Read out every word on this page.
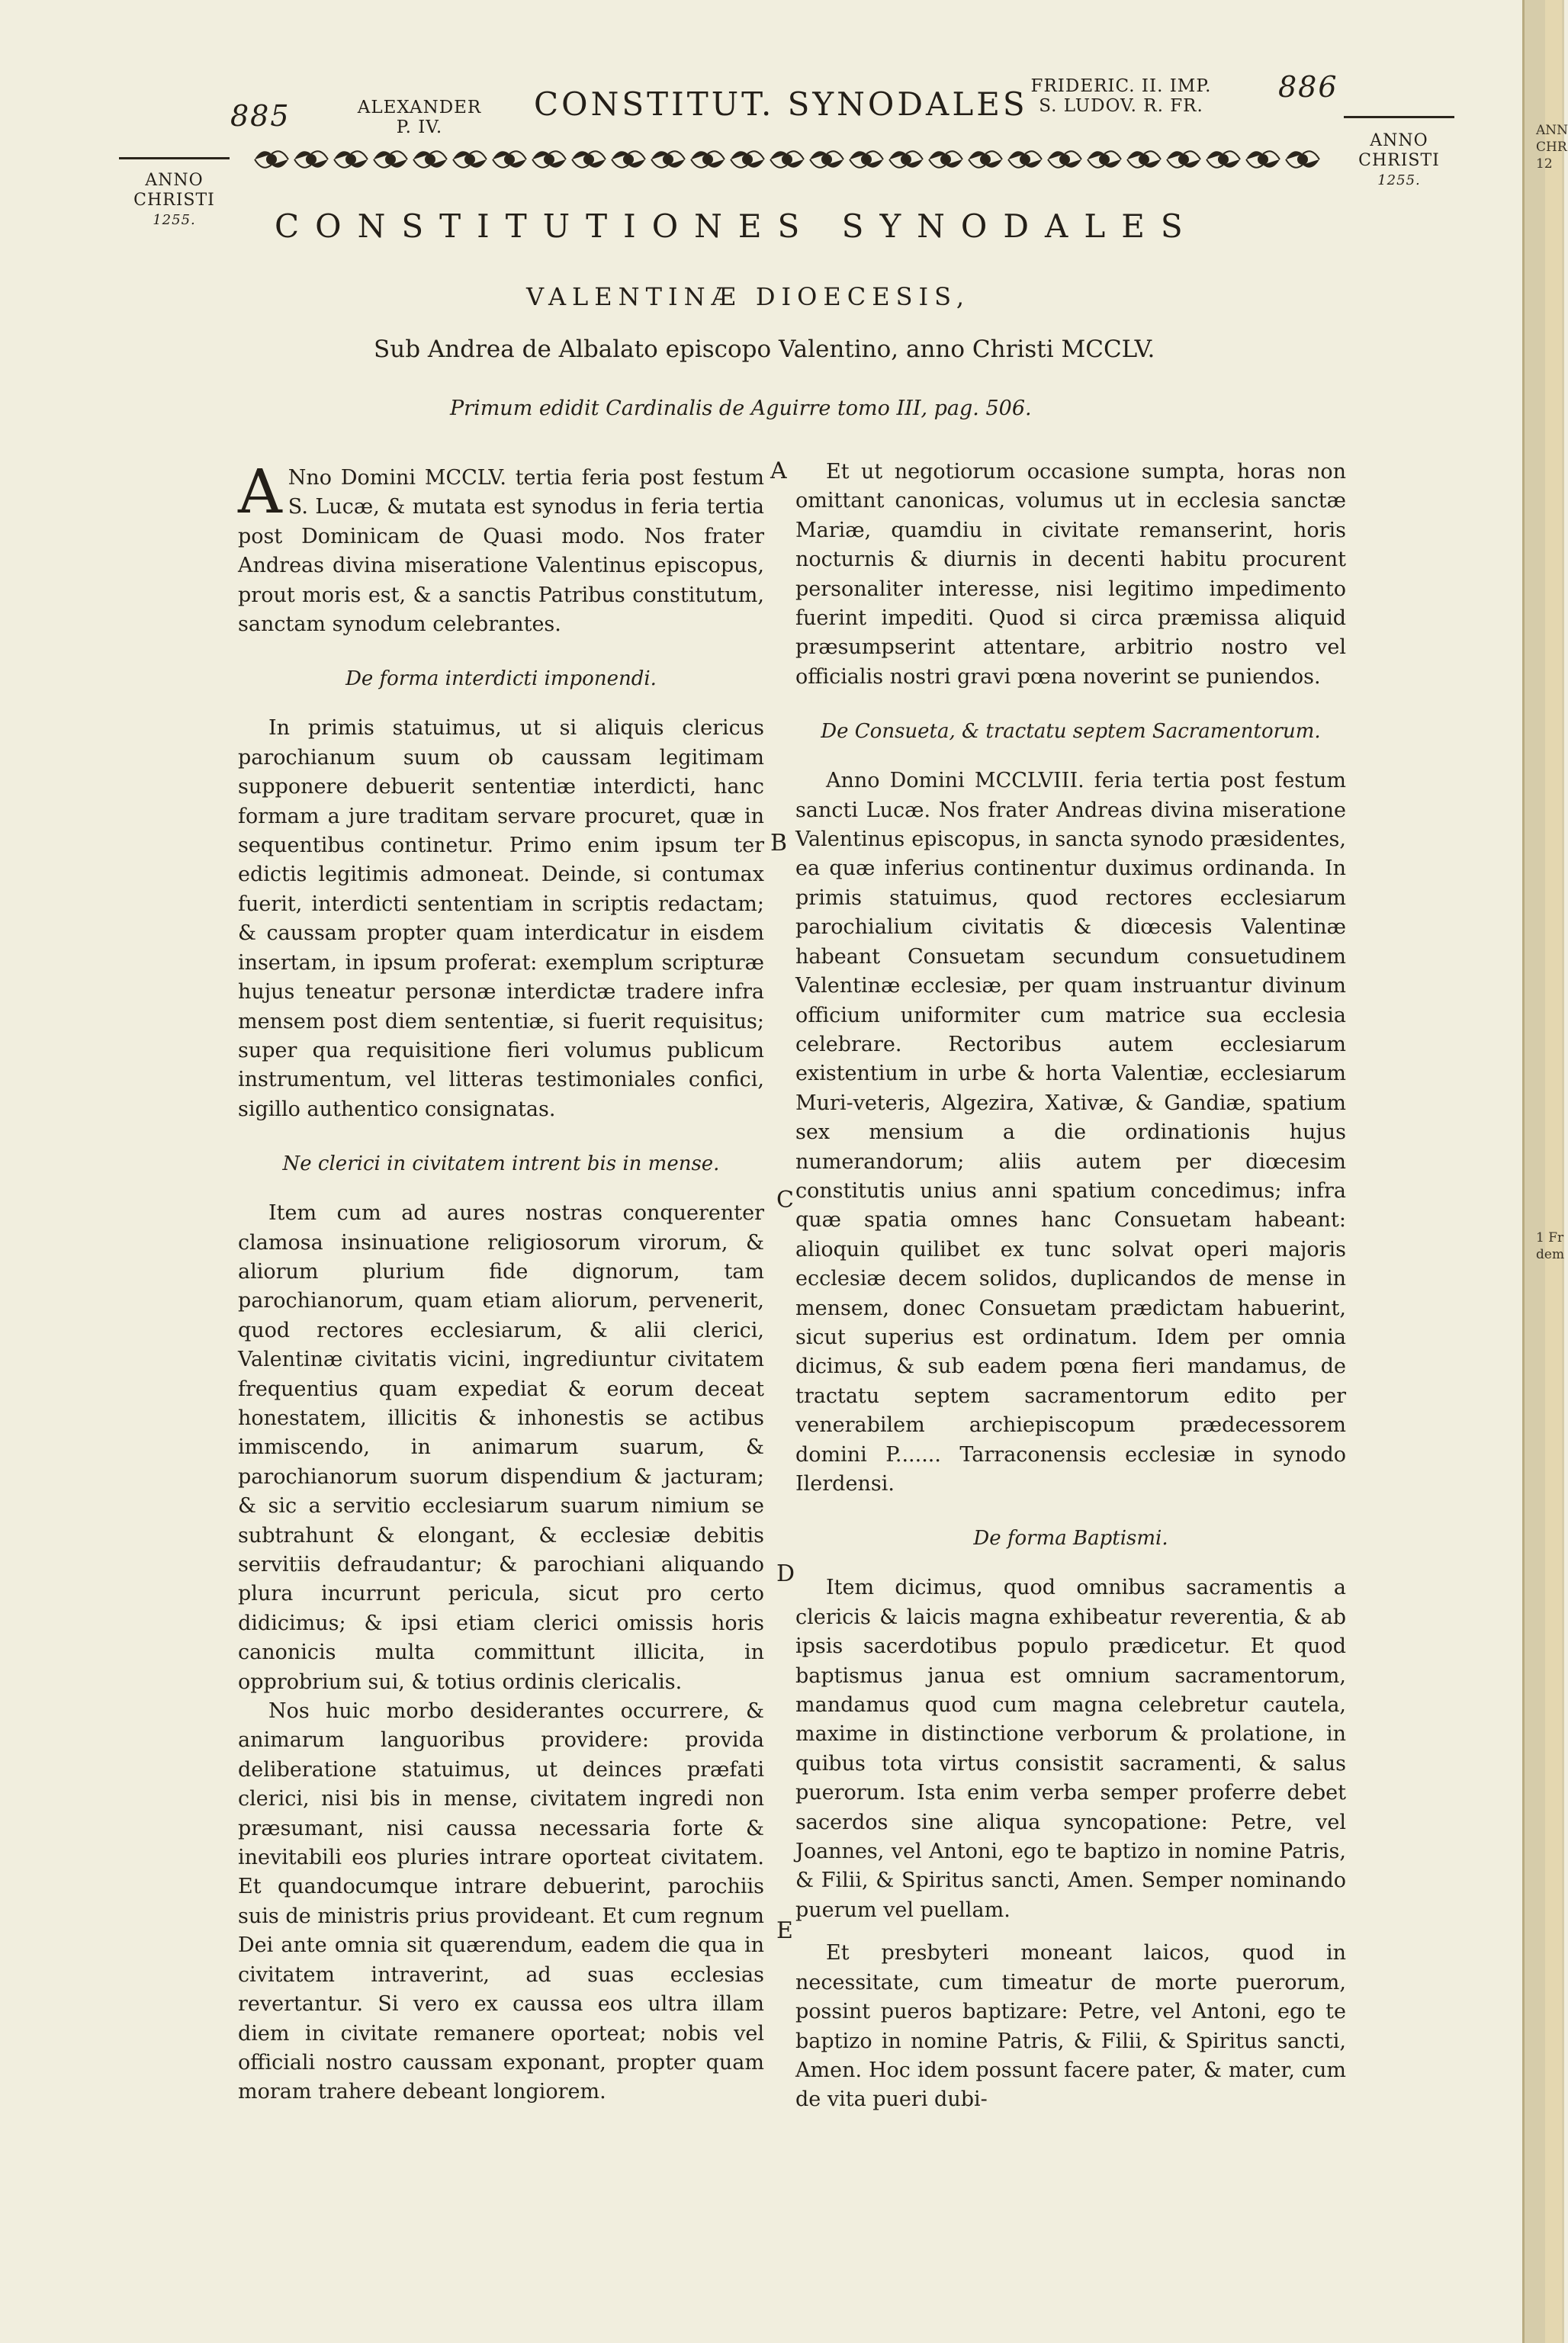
ANN
CHR
12
1 Fr
dem
885	ALEXANDER
P. IV.
CONSTITUT. SYNODALES FRIDERIC. II. IMP.
S. LUDOV. R. FR.
886
ANNO
CHRISTI
1255.
ANNO
CHRISTI
1255.
CONSTITUTIONES SYNODALES
VALENTINÆ DIOECESIS,
Sub Andrea de Albalato episcopo Valentino, anno Christi MCCLV.
Primum edidit Cardinalis de Aguirre tomo III, pag. 506.

A Nno Domini MCCLV. tertia feria post festum S. Lucæ, & mutata est synodus in feria tertia post Dominicam de Quasi modo. Nos frater Andreas divina miseratione Valentinus episcopus, prout moris est, & a sanctis Patribus constitutum, sanctam synodum celebrantes.

De forma interdicti imponendi.

In primis statuimus, ut si aliquis clericus parochianum suum ob caussam legitimam supponere debuerit sententiæ interdicti, hanc formam a jure traditam servare procuret, quæ in sequentibus continetur. Primo enim ipsum ter edictis legitimis admoneat. Deinde, si contumax fuerit, interdicti sententiam in scriptis redactam; & caussam propter quam interdicatur in eisdem insertam, in ipsum proferat: exemplum scripturæ hujus teneatur personæ interdictæ tradere infra mensem post diem sententiæ, si fuerit requisitus; super qua requisitione fieri volumus publicum instrumentum, vel litteras testimoniales confici, sigillo authentico consignatas.

Ne clerici in civitatem intrent bis in mense.

Item cum ad aures nostras conquerenter clamosa insinuatione religiosorum virorum, & aliorum plurium fide dignorum, tam parochianorum, quam etiam aliorum, pervenerit, quod rectores ecclesiarum, & alii clerici, Valentinæ civitatis vicini, ingrediuntur civitatem frequentius quam expediat & eorum deceat honestatem, illicitis & inhonestis se actibus immiscendo, in animarum suarum, & parochianorum suorum dispendium & jacturam; & sic a servitio ecclesiarum suarum nimium se subtrahunt & elongant, & ecclesiæ debitis servitiis defraudantur; & parochiani aliquando plura incurrunt pericula, sicut pro certo didicimus; & ipsi etiam clerici omissis horis canonicis multa committunt illicita, in opprobrium sui, & totius ordinis clericalis.

Nos huic morbo desiderantes occurrere, & animarum languoribus providere: provida deliberatione statuimus, ut deinces præfati clerici, nisi bis in mense, civitatem ingredi non præsumant, nisi caussa necessaria forte & inevitabili eos pluries intrare oporteat civitatem. Et quandocumque intrare debuerint, parochiis suis de ministris prius provideant. Et cum regnum Dei ante omnia sit quærendum, eadem die qua in civitatem intraverint, ad suas ecclesias revertantur. Si vero ex caussa eos ultra illam diem in civitate remanere oporteat; nobis vel officiali nostro caussam exponant, propter quam moram trahere debeant longiorem.

Et ut negotiorum occasione sumpta, horas non omittant canonicas, volumus ut in ecclesia sanctæ Mariæ, quamdiu in civitate remanserint, horis nocturnis & diurnis in decenti habitu procurent personaliter interesse, nisi legitimo impedimento fuerint impediti. Quod si circa præmissa aliquid præsumpserint attentare, arbitrio nostro vel officialis nostri gravi pœna noverint se puniendos.

De Consueta, & tractatu septem Sacramentorum.

Anno Domini MCCLVIII. feria tertia post festum sancti Lucæ. Nos frater Andreas divina miseratione Valentinus episcopus, in sancta synodo præsidentes, ea quæ inferius continentur duximus ordinanda. In primis statuimus, quod rectores ecclesiarum parochialium civitatis & diœcesis Valentinæ habeant Consuetam secundum consuetudinem Valentinæ ecclesiæ, per quam instruantur divinum officium uniformiter cum matrice sua ecclesia celebrare. Rectoribus autem ecclesiarum existentium in urbe & horta Valentiæ, ecclesiarum Muri-veteris, Algezira, Xativæ, & Gandiæ, spatium sex mensium a die ordinationis hujus numerandorum; aliis autem per diœcesim constitutis unius anni spatium concedimus; infra quæ spatia omnes hanc Consuetam habeant: alioquin quilibet ex tunc solvat operi majoris ecclesiæ decem solidos, duplicandos de mense in mensem, donec Consuetam prædictam habuerint, sicut superius est ordinatum. Idem per omnia dicimus, & sub eadem pœna fieri mandamus, de tractatu septem sacramentorum edito per venerabilem archiepiscopum prædecessorem domini P....... Tarraconensis ecclesiæ in synodo Ilerdensi.

De forma Baptismi.

Item dicimus, quod omnibus sacramentis a clericis & laicis magna exhibeatur reverentia, & ab ipsis sacerdotibus populo prædicetur. Et quod baptismus janua est omnium sacramentorum, mandamus quod cum magna celebretur cautela, maxime in distinctione verborum & prolatione, in quibus tota virtus consistit sacramenti, & salus puerorum. Ista enim verba semper proferre debet sacerdos sine aliqua syncopatione: Petre, vel Joannes, vel Antoni, ego te baptizo in nomine Patris, & Filii, & Spiritus sancti, Amen. Semper nominando puerum vel puellam.

Et presbyteri moneant laicos, quod in necessitate, cum timeatur de morte puerorum, possint pueros baptizare: Petre, vel Antoni, ego te baptizo in nomine Patris, & Filii, & Spiritus sancti, Amen. Hoc idem possunt facere pater, & mater, cum de vita pueri dubi-

A
B
C
D
E
